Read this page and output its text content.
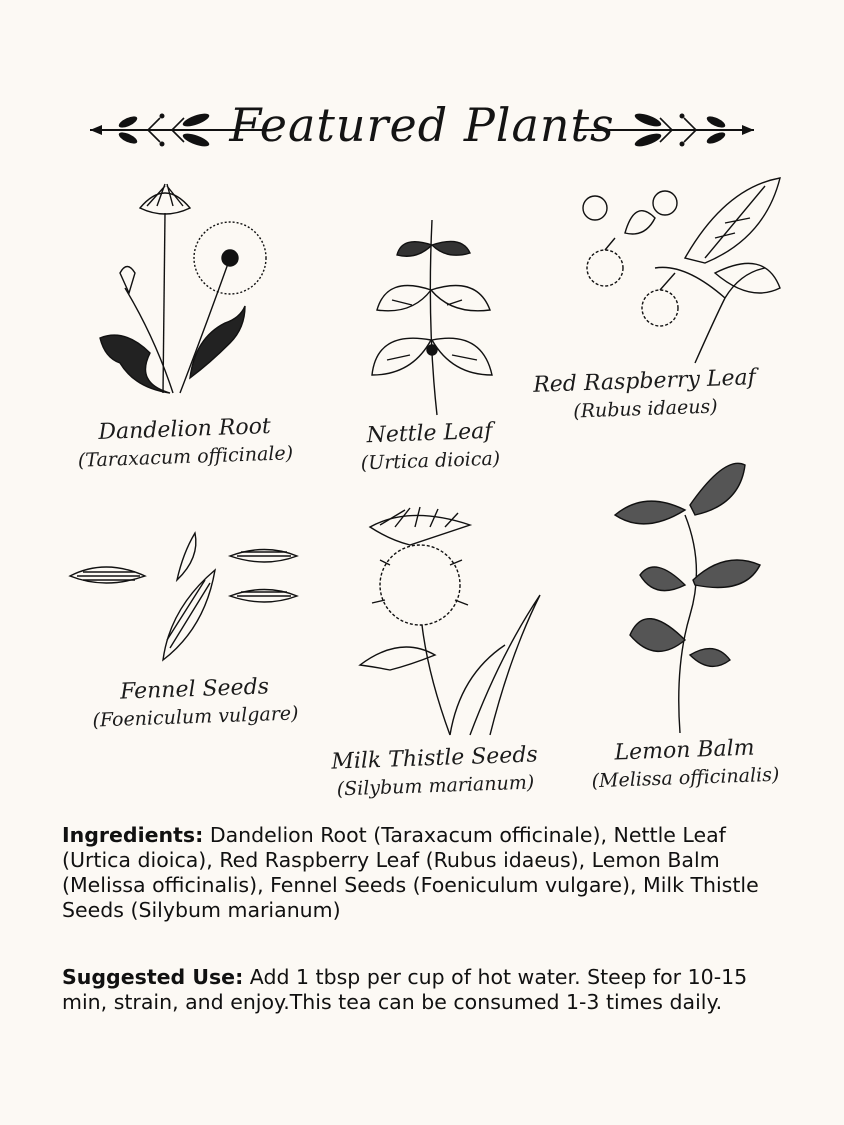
Featured Plants
Dandelion Root
(Taraxacum officinale)
Nettle Leaf
(Urtica dioica)
Red Raspberry Leaf
(Rubus idaeus)
Fennel Seeds
(Foeniculum vulgare)
Milk Thistle Seeds
(Silybum marianum)
Lemon Balm
(Melissa officinalis)
Ingredients: Dandelion Root (Taraxacum officinale), Nettle Leaf (Urtica dioica), Red Raspberry Leaf (Rubus idaeus), Lemon Balm (Melissa officinalis), Fennel Seeds (Foeniculum vulgare), Milk Thistle Seeds (Silybum marianum)
Suggested Use: Add 1 tbsp per cup of hot water. Steep for 10-15 min, strain, and enjoy.This tea can be consumed 1-3 times daily.
